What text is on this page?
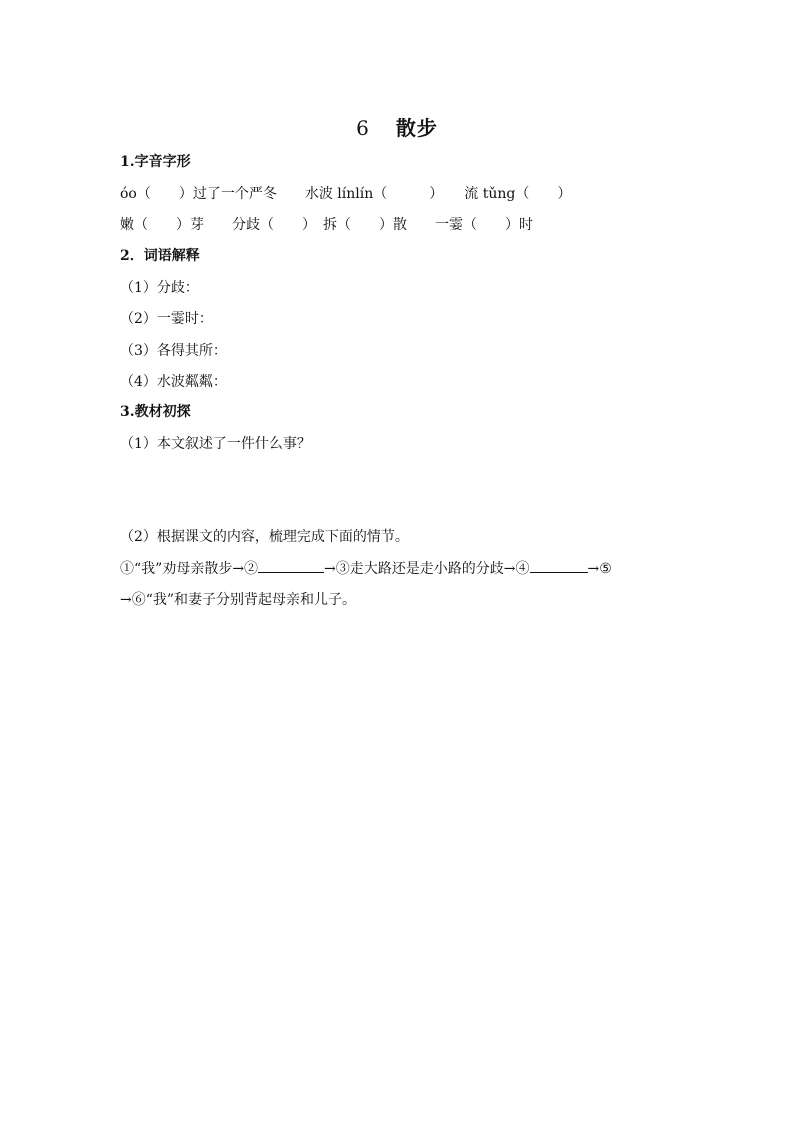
6 散步
1.字音字形
óo（　　）过了一个严冬　　水波 línlín（　　　）　　流 tǔng（　　）
嫩（　　）芽　　分歧（　　）　拆（　　）散　　一霎（　　）时
2．词语解释
（1）分歧：
（2）一霎时：
（3）各得其所：
（4）水波粼粼：
3.教材初探
（1）本文叙述了一件什么事？
（2）根据课文的内容，梳理完成下面的情节。
①“我”劝母亲散步→②	→③走大路还是走小路的分歧→④	→⑤
→⑥“我”和妻子分别背起母亲和儿子。
